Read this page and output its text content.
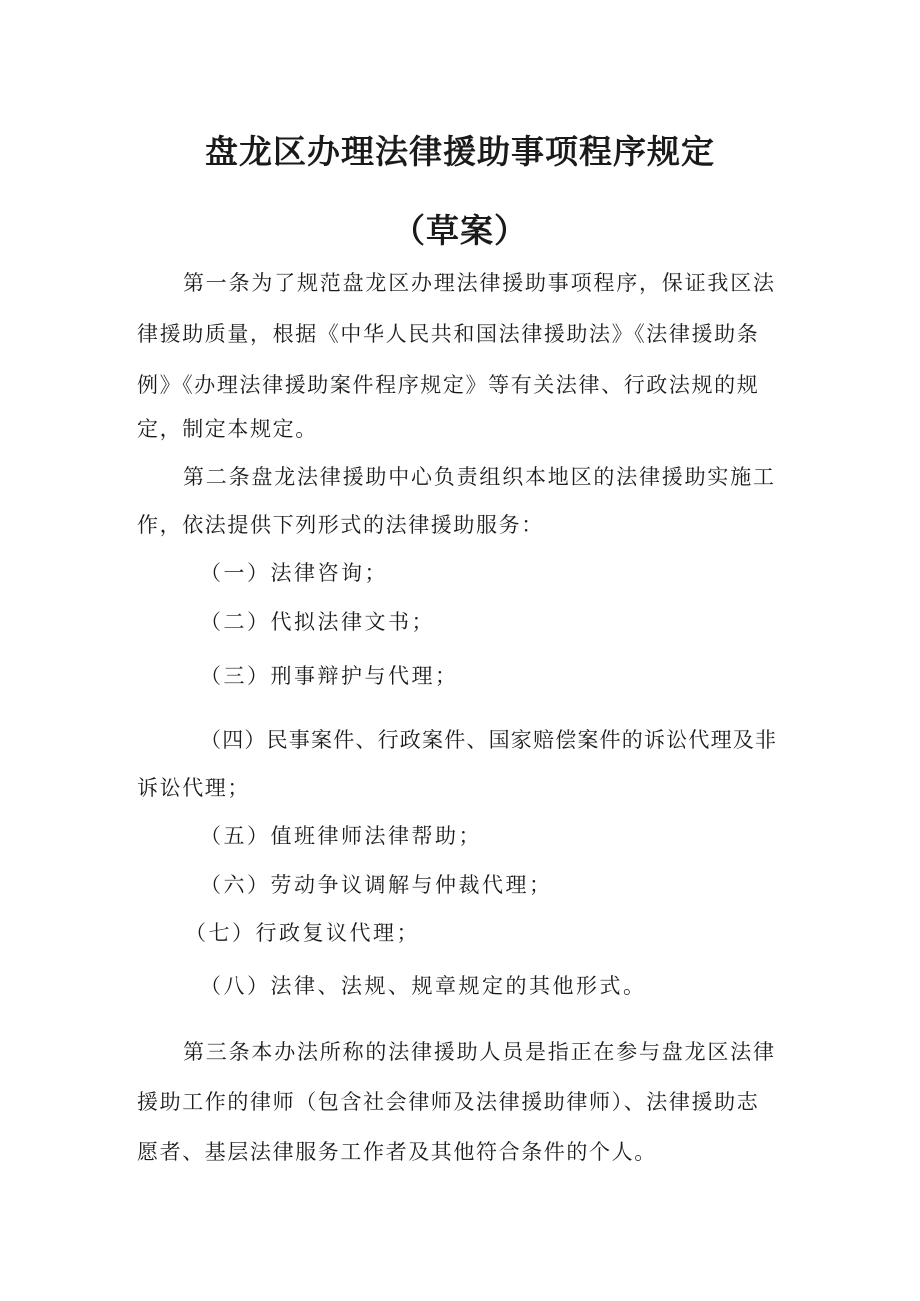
盘龙区办理法律援助事项程序规定
（草案）
第一条为了规范盘龙区办理法律援助事项程序，保证我区法
律援助质量，根据《中华人民共和国法律援助法》《法律援助条
例》《办理法律援助案件程序规定》等有关法律、行政法规的规
定，制定本规定。
第二条盘龙法律援助中心负责组织本地区的法律援助实施工
作，依法提供下列形式的法律援助服务：
（一）法律咨询；
（二）代拟法律文书；
（三）刑事辩护与代理；
（四）民事案件、行政案件、国家赔偿案件的诉讼代理及非
诉讼代理；
（五）值班律师法律帮助；
（六）劳动争议调解与仲裁代理；
（七）行政复议代理；
（八）法律、法规、规章规定的其他形式。
第三条本办法所称的法律援助人员是指正在参与盘龙区法律
援助工作的律师（包含社会律师及法律援助律师）、法律援助志
愿者、基层法律服务工作者及其他符合条件的个人。
